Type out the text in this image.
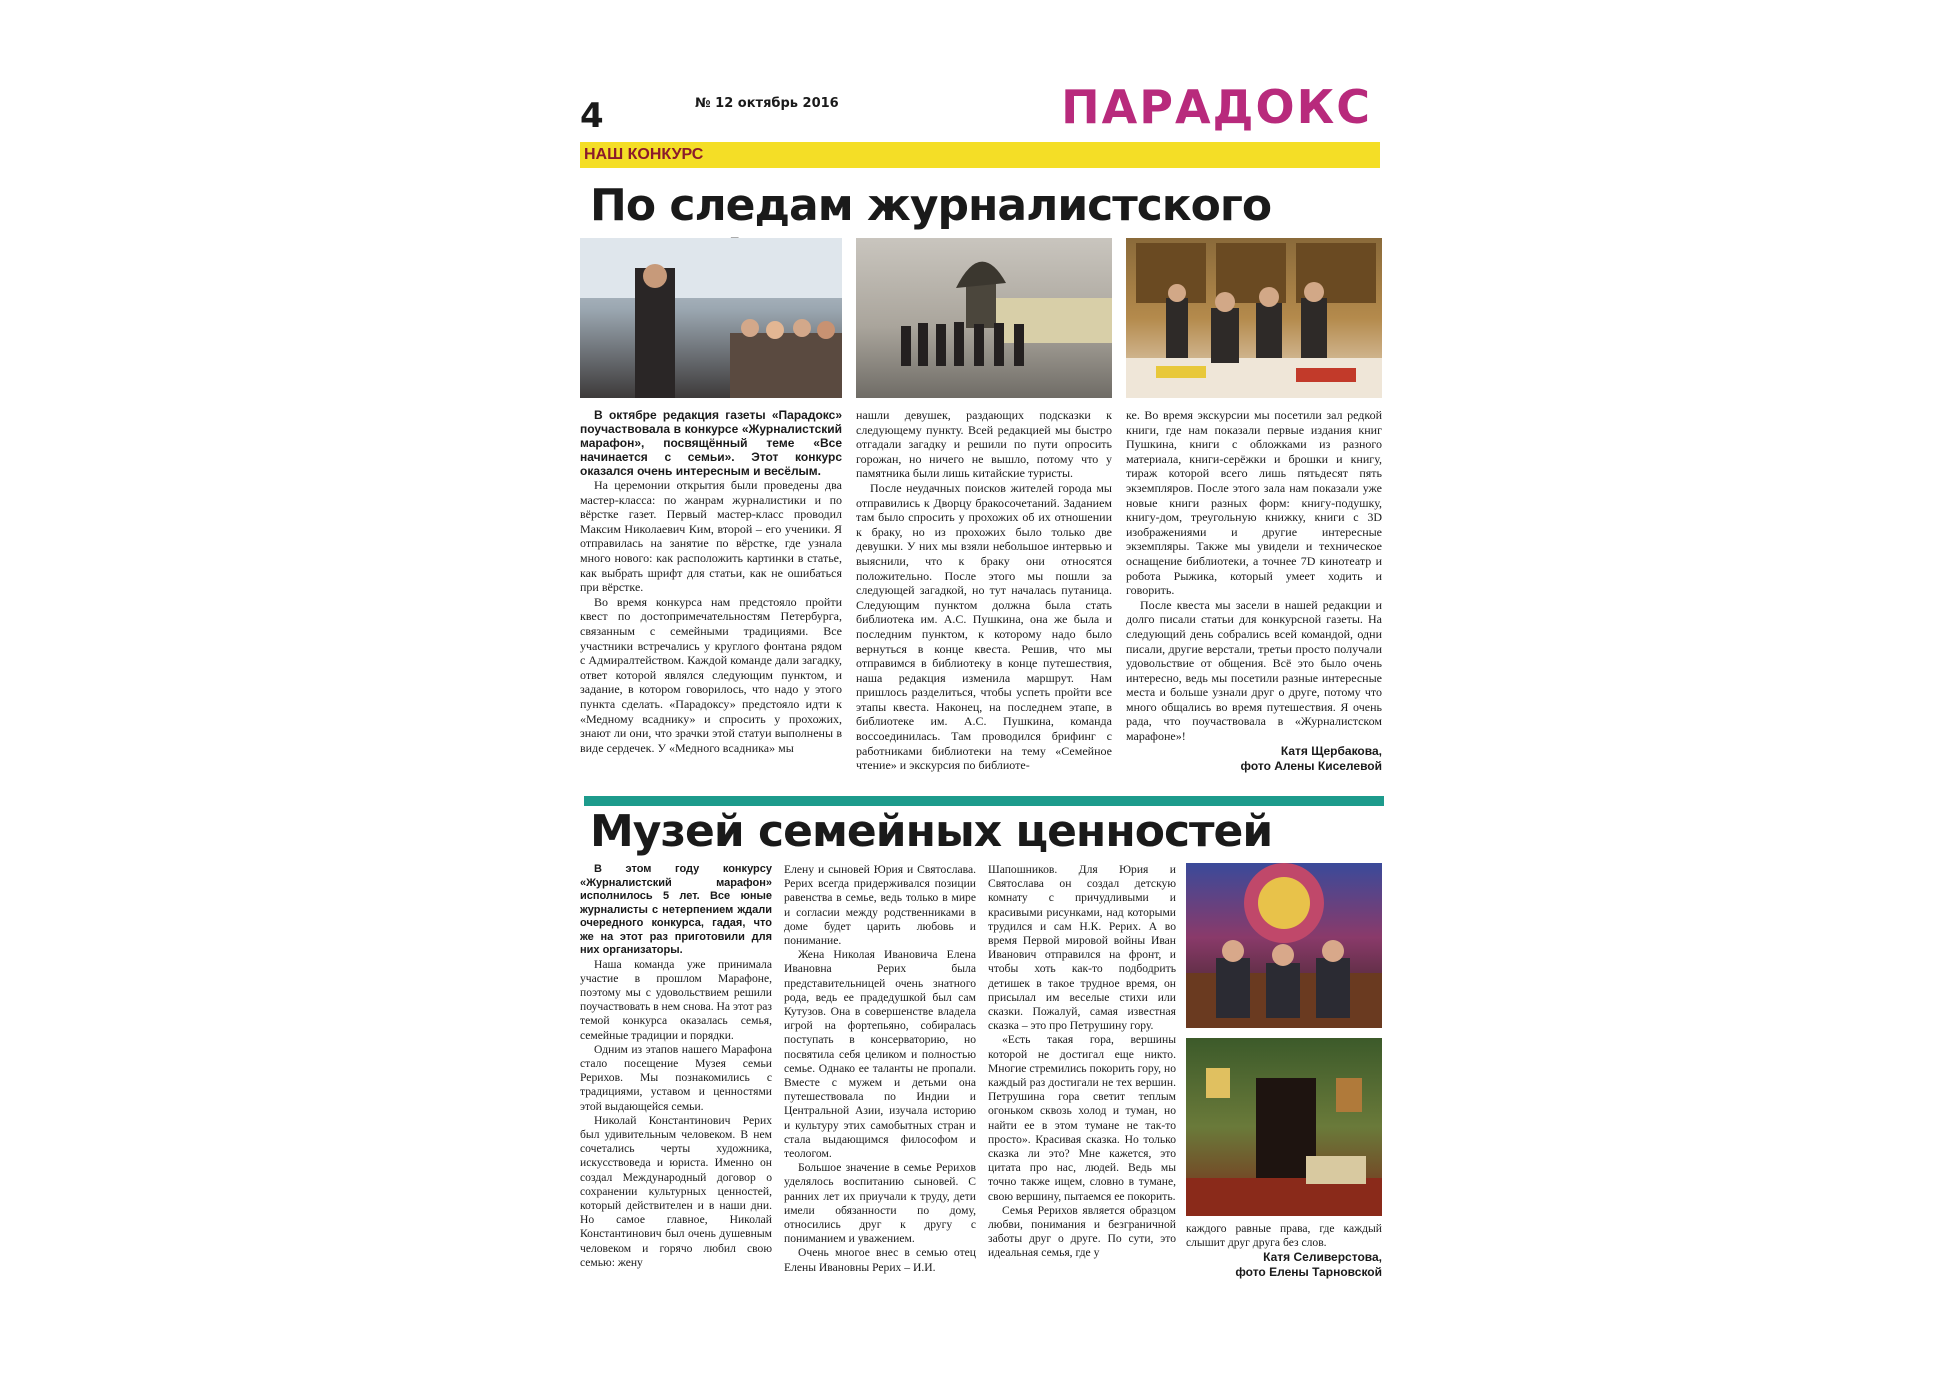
4	№ 12 октябрь 2016	ПАРАДОКС
НАШ КОНКУРС
По следам журналистского

В октябре редакция газеты «Парадокс» поучаствовала в конкурсе «Журналистский марафон», посвящённый теме «Все начинается с семьи». Этот конкурс оказался очень интересным и весёлым.

На церемонии открытия были проведены два мастер-класса: по жанрам журналистики и по вёрстке газет. Первый мастер-класс проводил Максим Николаевич Ким, второй – его ученики. Я отправилась на занятие по вёрстке, где узнала много нового: как расположить картинки в статье, как выбрать шрифт для статьи, как не ошибаться при вёрстке.

Во время конкурса нам предстояло пройти квест по достопримечательностям Петербурга, связанным с семейными традициями. Все участники встречались у круглого фонтана рядом с Адмиралтейством. Каждой команде дали загадку, ответ которой являлся следующим пунктом, и задание, в котором говорилось, что надо у этого пункта сделать. «Парадоксу» предстояло идти к «Медному всаднику» и спросить у прохожих, знают ли они, что зрачки этой статуи выполнены в виде сердечек. У «Медного всадника» мы

нашли девушек, раздающих подсказки к следующему пункту. Всей редакцией мы быстро отгадали загадку и решили по пути опросить горожан, но ничего не вышло, потому что у памятника были лишь китайские туристы.

После неудачных поисков жителей города мы отправились к Дворцу бракосочетаний. Заданием там было спросить у прохожих об их отношении к браку, но из прохожих было только две девушки. У них мы взяли небольшое интервью и выяснили, что к браку они относятся положительно. После этого мы пошли за следующей загадкой, но тут началась путаница. Следующим пунктом должна была стать библиотека им. А.С. Пушкина, она же была и последним пунктом, к которому надо было вернуться в конце квеста. Решив, что мы отправимся в библиотеку в конце путешествия, наша редакция изменила маршрут. Нам пришлось разделиться, чтобы успеть пройти все этапы квеста. Наконец, на последнем этапе, в библиотеке им. А.С. Пушкина, команда воссоединилась. Там проводился брифинг с работниками библиотеки на тему «Семейное чтение» и экскурсия по библиоте-

ке. Во время экскурсии мы посетили зал редкой книги, где нам показали первые издания книг Пушкина, книги с обложками из разного материала, книги-серёжки и брошки и книгу, тираж которой всего лишь пятьдесят пять экземпляров. После этого зала нам показали уже новые книги разных форм: книгу-подушку, книгу-дом, треугольную книжку, книги с 3D изображениями и другие интересные экземпляры. Также мы увидели и техническое оснащение библиотеки, а точнее 7D кинотеатр и робота Рыжика, который умеет ходить и говорить.

После квеста мы засели в нашей редакции и долго писали статьи для конкурсной газеты. На следующий день собрались всей командой, одни писали, другие верстали, третьи просто получали удовольствие от общения. Всё это было очень интересно, ведь мы посетили разные интересные места и больше узнали друг о друге, потому что много общались во время путешествия. Я очень рада, что поучаствовала в «Журналистском марафоне»!

Катя Щербакова,

фото Алены Киселевой

Музей семейных ценностей

В этом году конкурсу «Журналистский марафон» исполнилось 5 лет. Все юные журналисты с нетерпением ждали очередного конкурса, гадая, что же на этот раз приготовили для них организаторы.

Наша команда уже принимала участие в прошлом Марафоне, поэтому мы с удовольствием решили поучаствовать в нем снова. На этот раз темой конкурса оказалась семья, семейные традиции и порядки.

Одним из этапов нашего Марафона стало посещение Музея семьи Рерихов. Мы познакомились с традициями, уставом и ценностями этой выдающейся семьи.

Николай Константинович Рерих был удивительным человеком. В нем сочетались черты художника, искусствоведа и юриста. Именно он создал Международный договор о сохранении культурных ценностей, который действителен и в наши дни. Но самое главное, Николай Константинович был очень душевным человеком и горячо любил свою семью: жену

Елену и сыновей Юрия и Святослава. Рерих всегда придерживался позиции равенства в семье, ведь только в мире и согласии между родственниками в доме будет царить любовь и понимание.

Жена Николая Ивановича Елена Ивановна Рерих была представительницей очень знатного рода, ведь ее прадедушкой был сам Кутузов. Она в совершенстве владела игрой на фортепьяно, собиралась поступать в консерваторию, но посвятила себя целиком и полностью семье. Однако ее таланты не пропали. Вместе с мужем и детьми она путешествовала по Индии и Центральной Азии, изучала историю и культуру этих самобытных стран и стала выдающимся философом и теологом.

Большое значение в семье Рерихов уделялось воспитанию сыновей. С ранних лет их приучали к труду, дети имели обязанности по дому, относились друг к другу с пониманием и уважением.

Очень многое внес в семью отец Елены Ивановны Рерих – И.И.

Шапошников. Для Юрия и Святослава он создал детскую комнату с причудливыми и красивыми рисунками, над которыми трудился и сам Н.К. Рерих. А во время Первой мировой войны Иван Иванович отправился на фронт, и чтобы хоть как-то подбодрить детишек в такое трудное время, он присылал им веселые стихи или сказки. Пожалуй, самая известная сказка – это про Петрушину гору.

«Есть такая гора, вершины которой не достигал еще никто. Многие стремились покорить гору, но каждый раз достигали не тех вершин. Петрушина гора светит теплым огоньком сквозь холод и туман, но найти ее в этом тумане не так-то просто». Красивая сказка. Но только сказка ли это? Мне кажется, это цитата про нас, людей. Ведь мы точно также ищем, словно в тумане, свою вершину, пытаемся ее покорить.

Семья Рерихов является образцом любви, понимания и безграничной заботы друг о друге. По сути, это идеальная семья, где у

каждого равные права, где каждый слышит друг друга без слов.

Катя Селиверстова,

фото Елены Тарновской
